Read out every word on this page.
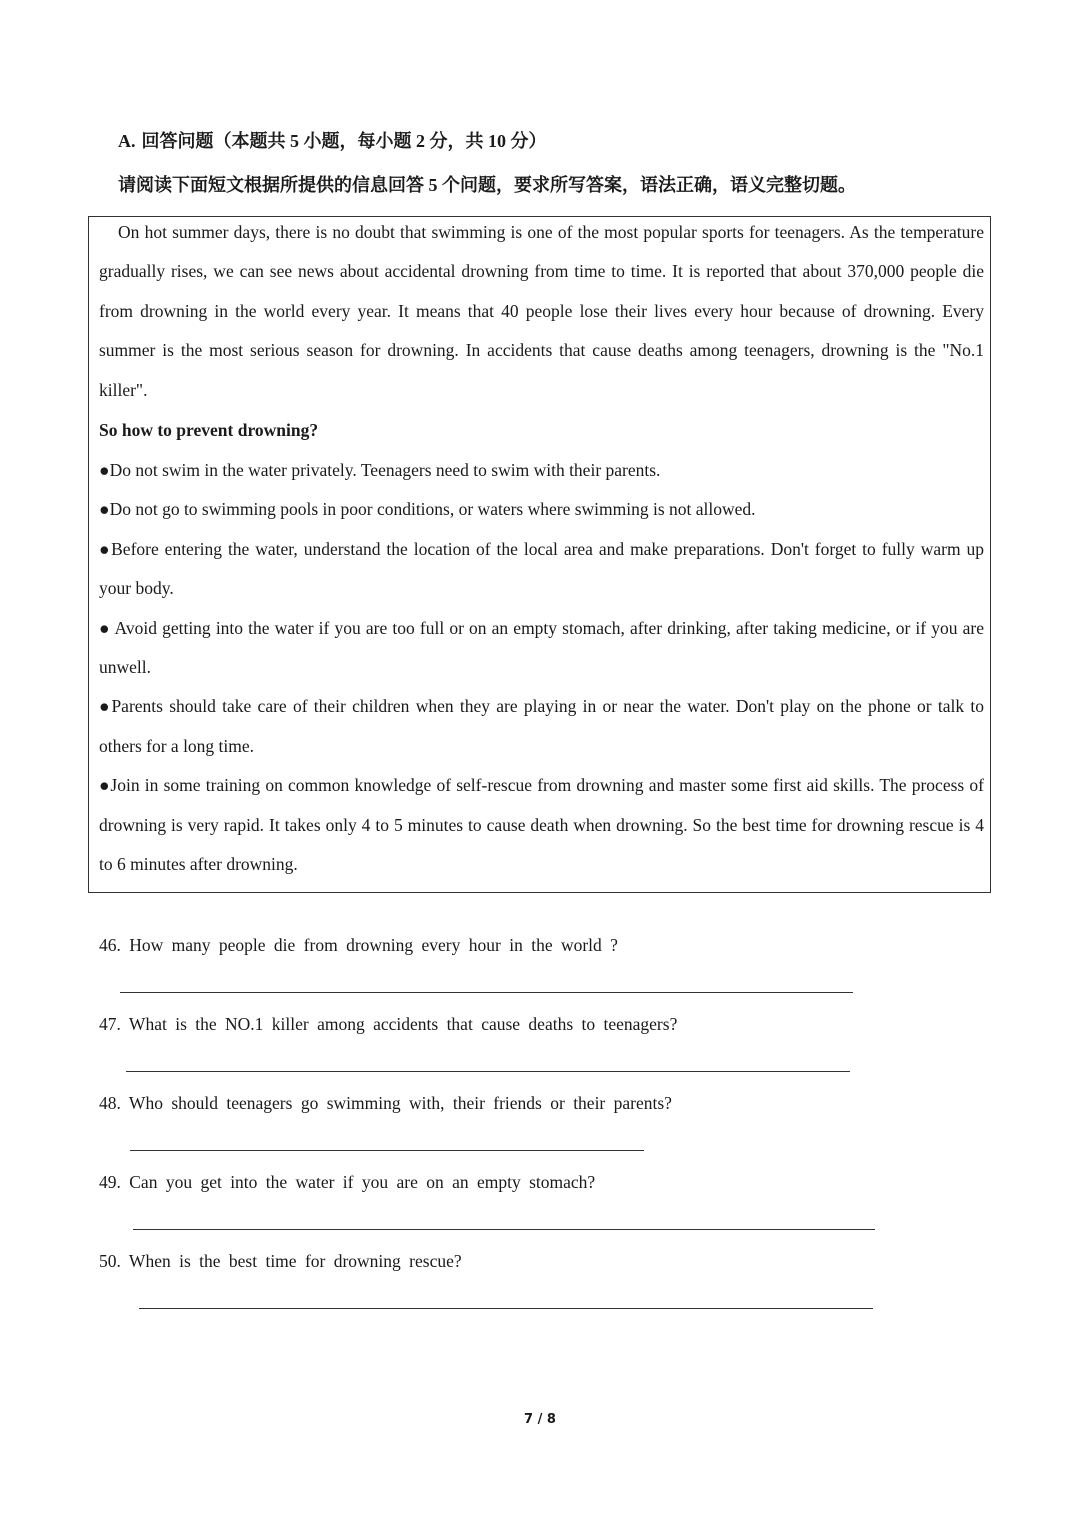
A. 回答问题（本题共 5 小题，每小题 2 分，共 10 分）
请阅读下面短文根据所提供的信息回答 5 个问题，要求所写答案，语法正确，语义完整切题。

On hot summer days, there is no doubt that swimming is one of the most popular sports for teenagers. As the temperature gradually rises, we can see news about accidental drowning from time to time. It is reported that about 370,000 people die from drowning in the world every year. It means that 40 people lose their lives every hour because of drowning. Every summer is the most serious season for drowning. In accidents that cause deaths among teenagers, drowning is the "No.1 killer".

So how to prevent drowning?

●Do not swim in the water privately. Teenagers need to swim with their parents.

●Do not go to swimming pools in poor conditions, or waters where swimming is not allowed.

●Before entering the water, understand the location of the local area and make preparations. Don't forget to fully warm up your body.

● Avoid getting into the water if you are too full or on an empty stomach, after drinking, after taking medicine, or if you are unwell.

●Parents should take care of their children when they are playing in or near the water. Don't play on the phone or talk to others for a long time.

●Join in some training on common knowledge of self-rescue from drowning and master some first aid skills. The process of drowning is very rapid. It takes only 4 to 5 minutes to cause death when drowning. So the best time for drowning rescue is 4 to 6 minutes after drowning.

46. How many people die from drowning every hour in the world ?
47. What is the NO.1 killer among accidents that cause deaths to teenagers?
48. Who should teenagers go swimming with, their friends or their parents?
49. Can you get into the water if you are on an empty stomach?
50. When is the best time for drowning rescue?
7 / 8
